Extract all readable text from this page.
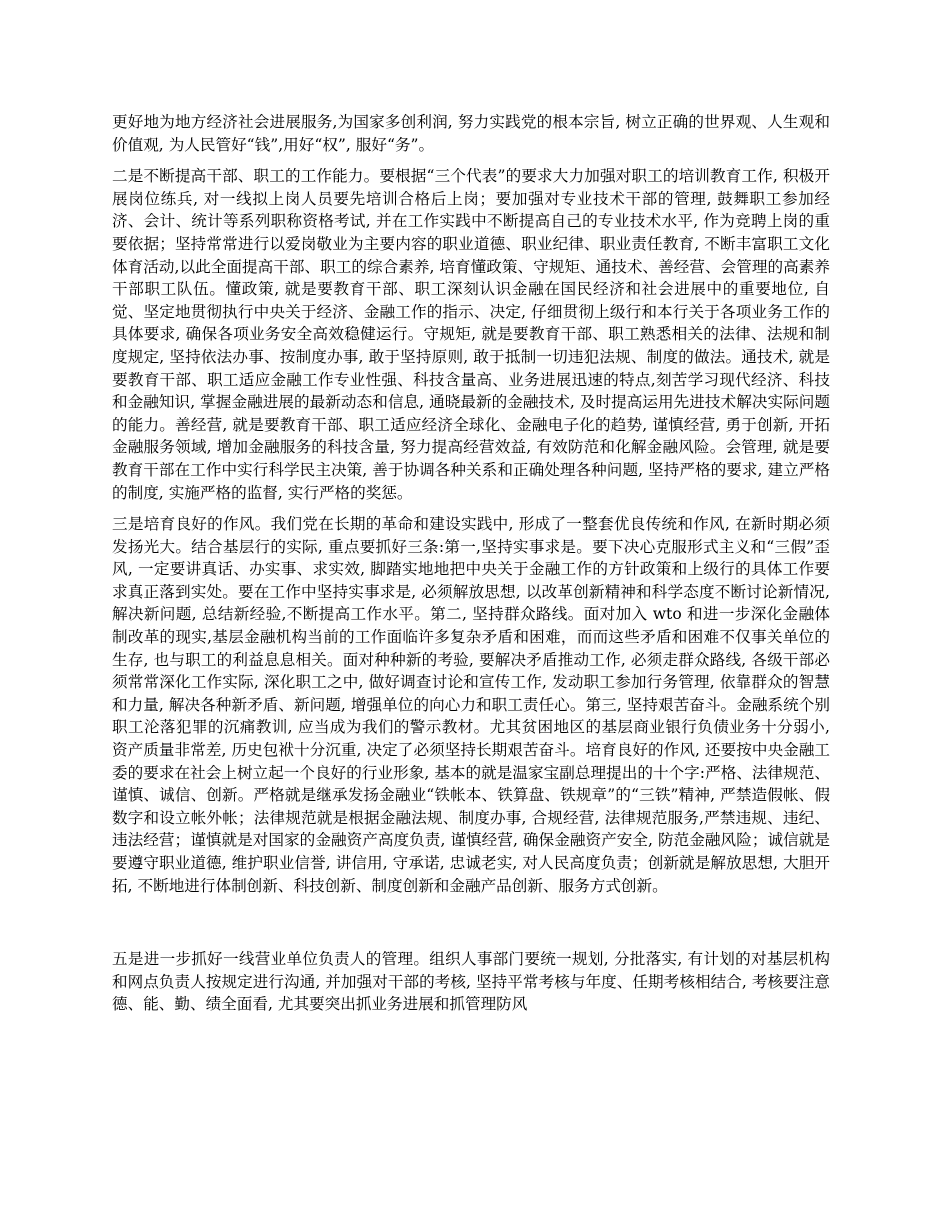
更好地为地方经济社会进展服务,为国家多创利润, 努力实践党的根本宗旨, 树立正确的世界观、人生观和价值观, 为人民管好“钱”,用好“权”, 服好“务”。

二是不断提高干部、职工的工作能力。要根据“三个代表”的要求大力加强对职工的培训教育工作, 积极开展岗位练兵, 对一线拟上岗人员要先培训合格后上岗；要加强对专业技术干部的管理, 鼓舞职工参加经济、会计、统计等系列职称资格考试, 并在工作实践中不断提高自己的专业技术水平, 作为竞聘上岗的重要依据；坚持常常进行以爱岗敬业为主要内容的职业道德、职业纪律、职业责任教育, 不断丰富职工文化体育活动,以此全面提高干部、职工的综合素养, 培育懂政策、守规矩、通技术、善经营、会管理的高素养干部职工队伍。懂政策, 就是要教育干部、职工深刻认识金融在国民经济和社会进展中的重要地位, 自觉、坚定地贯彻执行中央关于经济、金融工作的指示、决定, 仔细贯彻上级行和本行关于各项业务工作的具体要求, 确保各项业务安全高效稳健运行。守规矩, 就是要教育干部、职工熟悉相关的法律、法规和制度规定, 坚持依法办事、按制度办事, 敢于坚持原则, 敢于抵制一切违犯法规、制度的做法。通技术, 就是要教育干部、职工适应金融工作专业性强、科技含量高、业务进展迅速的特点,刻苦学习现代经济、科技和金融知识, 掌握金融进展的最新动态和信息, 通晓最新的金融技术, 及时提高运用先进技术解决实际问题的能力。善经营, 就是要教育干部、职工适应经济全球化、金融电子化的趋势, 谨慎经营, 勇于创新, 开拓金融服务领域, 增加金融服务的科技含量, 努力提高经营效益, 有效防范和化解金融风险。会管理, 就是要教育干部在工作中实行科学民主决策, 善于协调各种关系和正确处理各种问题, 坚持严格的要求, 建立严格的制度, 实施严格的监督, 实行严格的奖惩。

三是培育良好的作风。我们党在长期的革命和建设实践中, 形成了一整套优良传统和作风, 在新时期必须发扬光大。结合基层行的实际, 重点要抓好三条:第一,坚持实事求是。要下决心克服形式主义和“三假”歪风, 一定要讲真话、办实事、求实效, 脚踏实地地把中央关于金融工作的方针政策和上级行的具体工作要求真正落到实处。要在工作中坚持实事求是, 必须解放思想, 以改革创新精神和科学态度不断讨论新情况, 解决新问题, 总结新经验,不断提高工作水平。第二, 坚持群众路线。面对加入 wto 和进一步深化金融体制改革的现实,基层金融机构当前的工作面临许多复杂矛盾和困难，而而这些矛盾和困难不仅事关单位的生存, 也与职工的利益息息相关。面对种种新的考验, 要解决矛盾推动工作, 必须走群众路线, 各级干部必须常常深化工作实际, 深化职工之中, 做好调查讨论和宣传工作, 发动职工参加行务管理, 依靠群众的智慧和力量, 解决各种新矛盾、新问题, 增强单位的向心力和职工责任心。第三, 坚持艰苦奋斗。金融系统个别职工沦落犯罪的沉痛教训, 应当成为我们的警示教材。尤其贫困地区的基层商业银行负债业务十分弱小, 资产质量非常差, 历史包袱十分沉重, 决定了必须坚持长期艰苦奋斗。培育良好的作风, 还要按中央金融工委的要求在社会上树立起一个良好的行业形象, 基本的就是温家宝副总理提出的十个字:严格、法律规范、谨慎、诚信、创新。严格就是继承发扬金融业“铁帐本、铁算盘、铁规章”的“三铁”精神, 严禁造假帐、假数字和设立帐外帐；法律规范就是根据金融法规、制度办事, 合规经营, 法律规范服务,严禁违规、违纪、违法经营；谨慎就是对国家的金融资产高度负责, 谨慎经营, 确保金融资产安全, 防范金融风险；诚信就是要遵守职业道德, 维护职业信誉, 讲信用, 守承诺, 忠诚老实, 对人民高度负责；创新就是解放思想, 大胆开拓, 不断地进行体制创新、科技创新、制度创新和金融产品创新、服务方式创新。

五是进一步抓好一线营业单位负责人的管理。组织人事部门要统一规划, 分批落实, 有计划的对基层机构和网点负责人按规定进行沟通, 并加强对干部的考核, 坚持平常考核与年度、任期考核相结合, 考核要注意德、能、勤、绩全面看, 尤其要突出抓业务进展和抓管理防风
